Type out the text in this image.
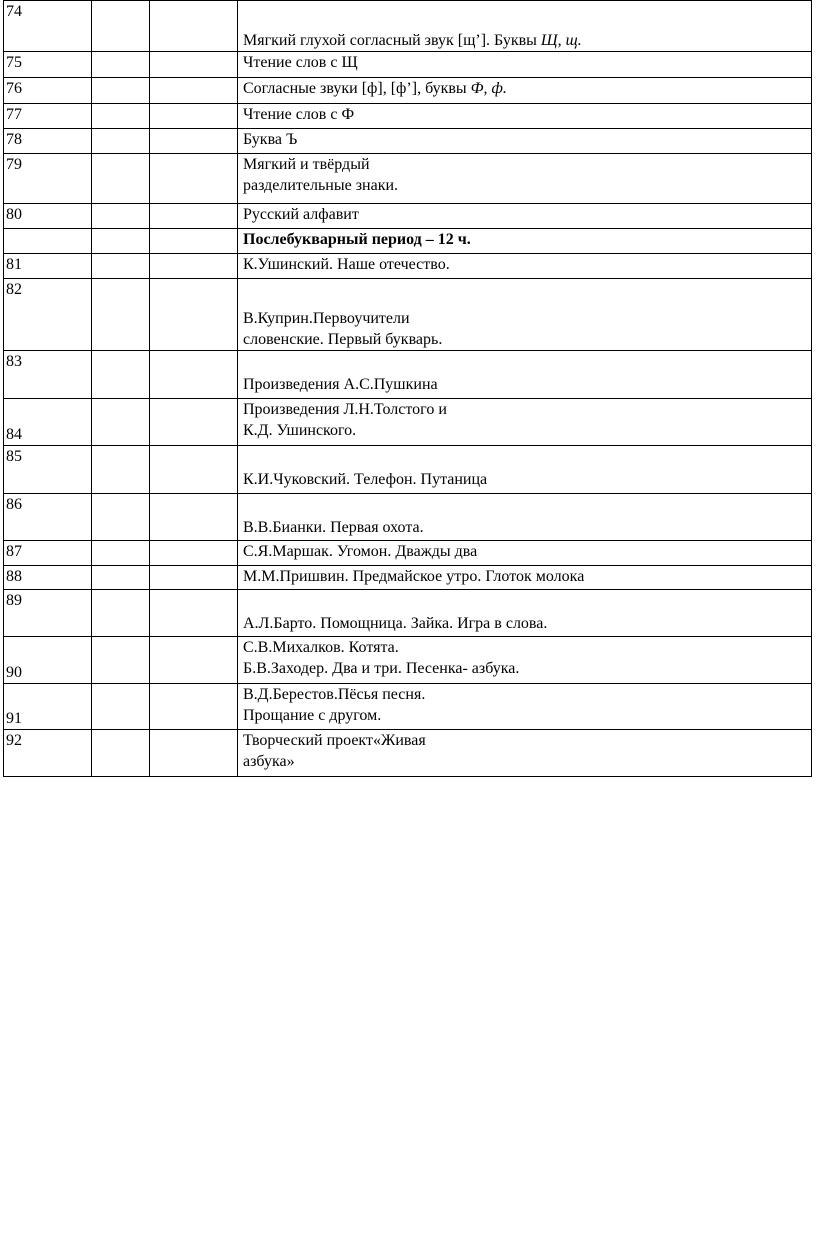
74			Мягкий глухой согласный звук [щ’]. Буквы Щ, щ.
75			Чтение слов с Щ
76			Согласные звуки [ф], [ф’], буквы Ф, ф.
77			Чтение слов с Ф
78			Буква Ъ
79			Мягкий и твёрдый
разделительные знаки.

80			Русский алфавит
			Послебукварный период – 12 ч.
81			К.Ушинский. Наше отечество.
82			В.Куприн.Первоучители
словенские. Первый букварь.

83			Произведения А.С.Пушкина
84			Произведения Л.Н.Толстого и
К.Д. Ушинского.

85			К.И.Чуковский. Телефон. Путаница
86			В.В.Бианки. Первая охота.
87			С.Я.Маршак. Угомон. Дважды два
88			М.М.Пришвин. Предмайское утро. Глоток молока
89			А.Л.Барто. Помощница. Зайка. Игра в слова.
90			С.В.Михалков. Котята.
Б.В.Заходер. Два и три. Песенка- азбука.

91			В.Д.Берестов.Пёсья песня.
Прощание с другом.

92			Творческий проект«Живая
азбука»
